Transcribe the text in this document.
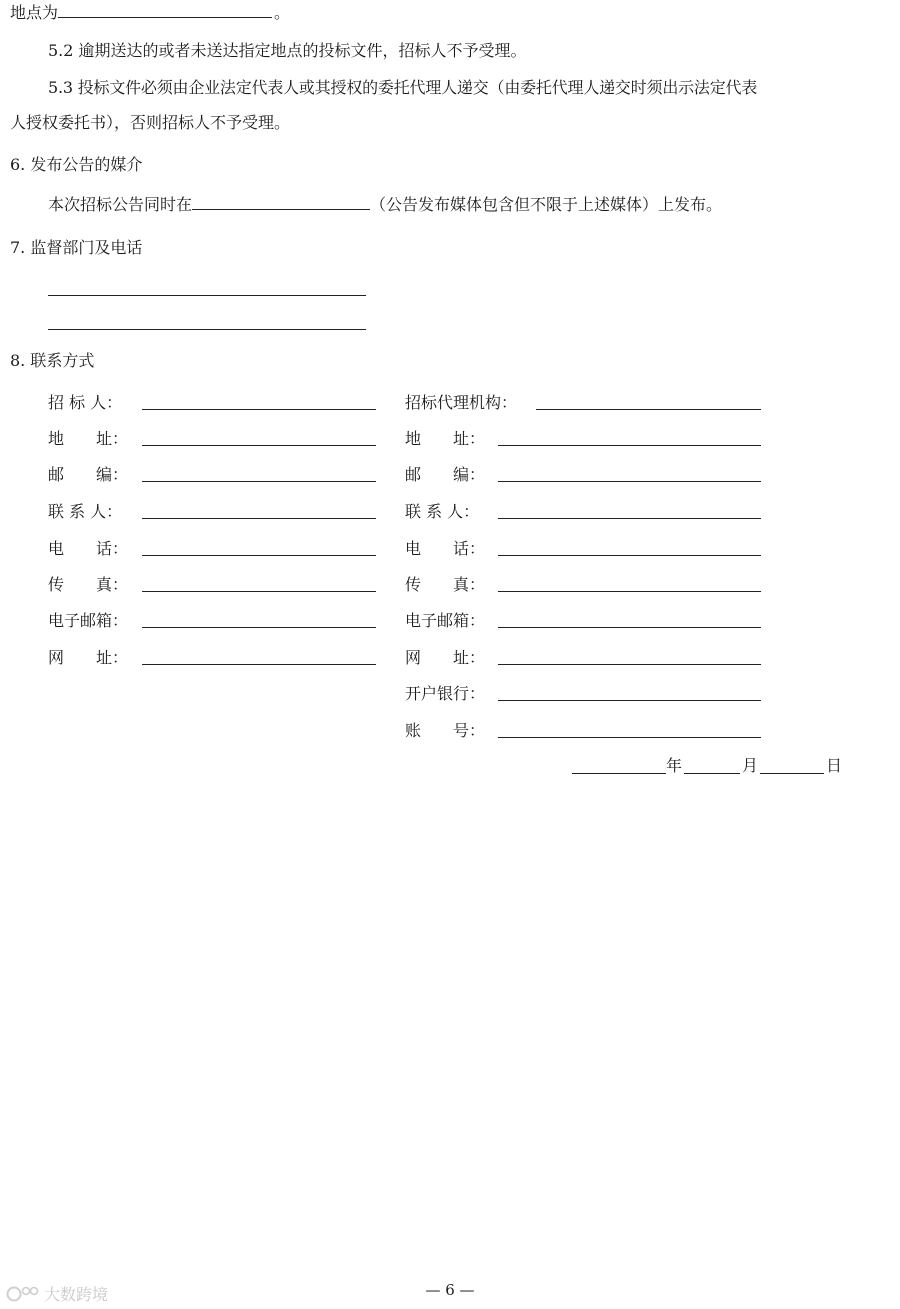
地点为	。
5.2 逾期送达的或者未送达指定地点的投标文件，招标人不予受理。
5.3 投标文件必须由企业法定代表人或其授权的委托代理人递交（由委托代理人递交时须出示法定代表
人授权委托书），否则招标人不予受理。
6. 发布公告的媒介
本次招标公告同时在	（公告发布媒体包含但不限于上述媒体）上发布。
7. 监督部门及电话
8. 联系方式
招 标 人：
地　　址：
邮　　编：
联 系 人：
电　　话：
传　　真：
电子邮箱：
网　　址：
招标代理机构：
地　　址：
邮　　编：
联 系 人：
电　　话：
传　　真：
电子邮箱：
网　　址：
开户银行：
账　　号：
年	月	日
大数跨境	— 6 —
